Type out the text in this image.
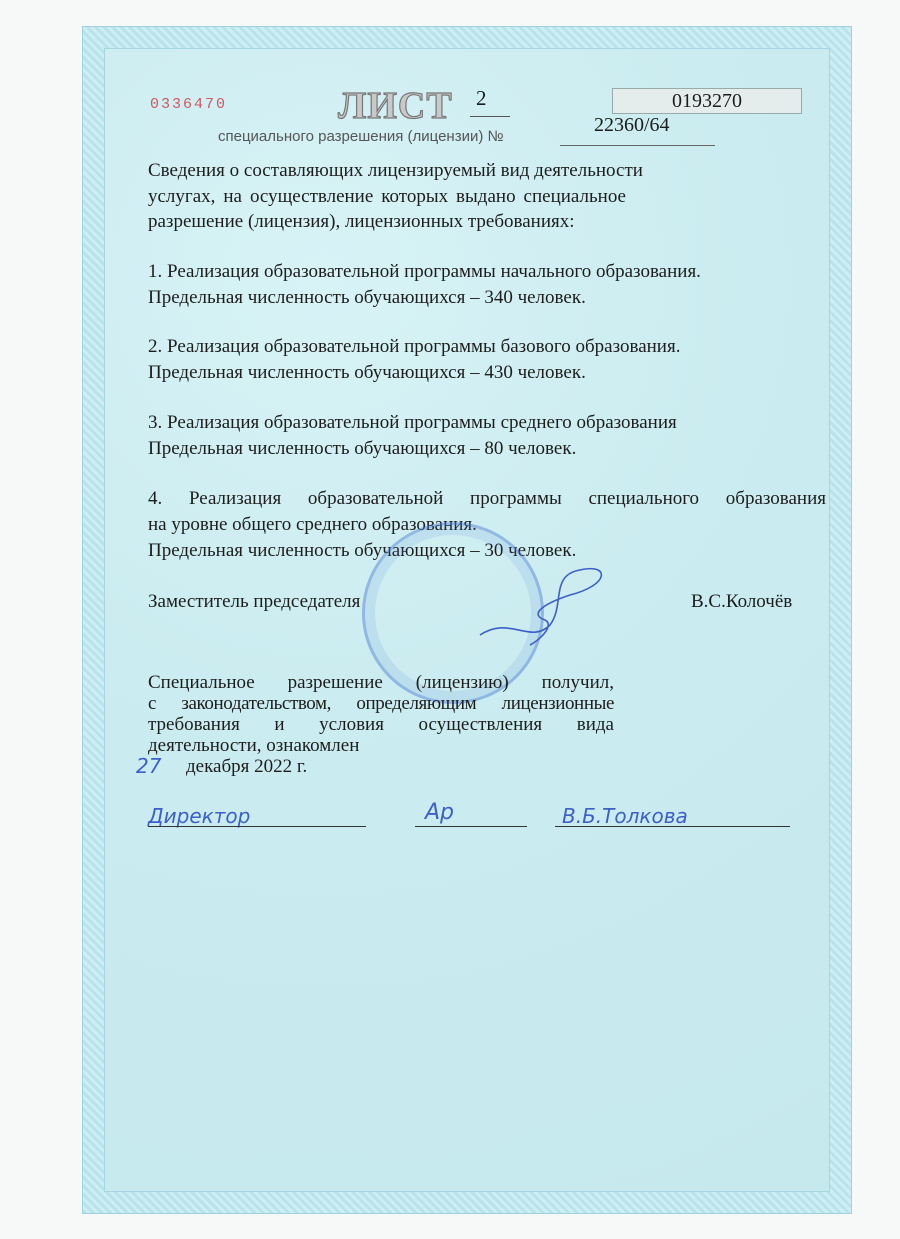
0336470	ЛИСТ 2	0193270
специального разрешения (лицензии) №
22360/64
Сведения о составляющих лицензируемый вид деятельности
услугах, на осуществление которых выдано специальное
разрешение (лицензия), лицензионных требованиях:
1. Реализация образовательной программы начального образования.
Предельная численность обучающихся – 340 человек.
2. Реализация образовательной программы базового образования.
Предельная численность обучающихся – 430 человек.
3. Реализация образовательной программы среднего образования
Предельная численность обучающихся – 80 человек.
4. Реализация образовательной программы специального образования
на уровне общего среднего образования.
Предельная численность обучающихся – 30 человек.
Заместитель председателя	В.С.Колочёв
Специальное разрешение (лицензию) получил,
с законодательством, определяющим лицензионные
требования и условия осуществления вида
деятельности, ознакомлен
27 декабря 2022 г.
Директор	Ар	В.Б.Толкова
